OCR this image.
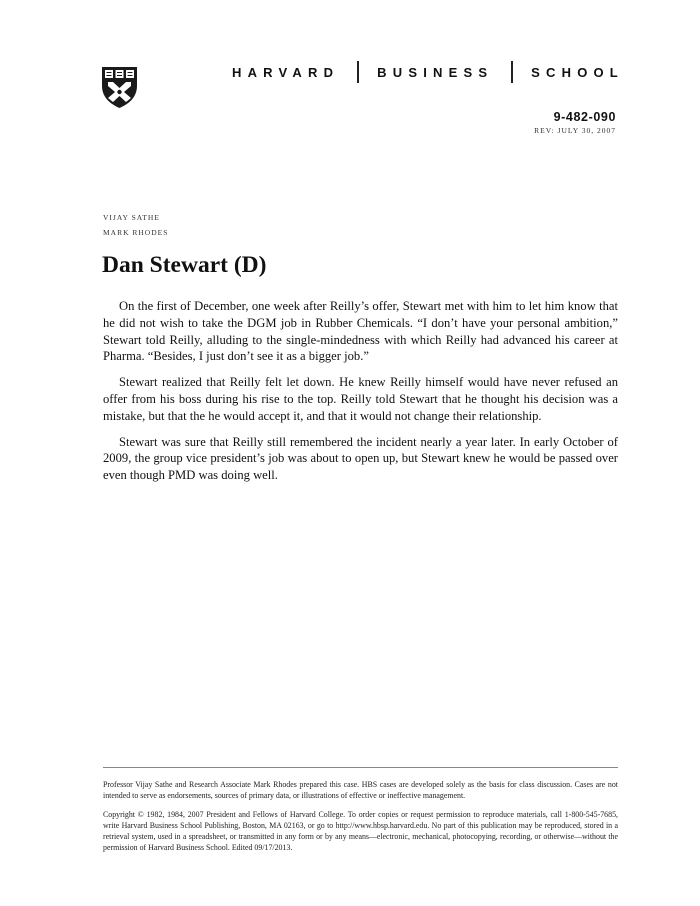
HARVARD	BUSINESS	SCHOOL
9-482-090
REV: JULY 30, 2007
VIJAY SATHE
MARK RHODES
Dan Stewart (D)

On the first of December, one week after Reilly’s offer, Stewart met with him to let him know that he did not wish to take the DGM job in Rubber Chemicals. “I don’t have your personal ambition,” Stewart told Reilly, alluding to the single-mindedness with which Reilly had advanced his career at Pharma. “Besides, I just don’t see it as a bigger job.”

Stewart realized that Reilly felt let down. He knew Reilly himself would have never refused an offer from his boss during his rise to the top. Reilly told Stewart that he thought his decision was a mistake, but that the he would accept it, and that it would not change their relationship.

Stewart was sure that Reilly still remembered the incident nearly a year later. In early October of 2009, the group vice president’s job was about to open up, but Stewart knew he would be passed over even though PMD was doing well.

Professor Vijay Sathe and Research Associate Mark Rhodes prepared this case. HBS cases are developed solely as the basis for class discussion. Cases are not intended to serve as endorsements, sources of primary data, or illustrations of effective or ineffective management.

Copyright © 1982, 1984, 2007 President and Fellows of Harvard College. To order copies or request permission to reproduce materials, call 1-800-545-7685, write Harvard Business School Publishing, Boston, MA 02163, or go to http://www.hbsp.harvard.edu. No part of this publication may be reproduced, stored in a retrieval system, used in a spreadsheet, or transmitted in any form or by any means—electronic, mechanical, photocopying, recording, or otherwise—without the permission of Harvard Business School. Edited 09/17/2013.
